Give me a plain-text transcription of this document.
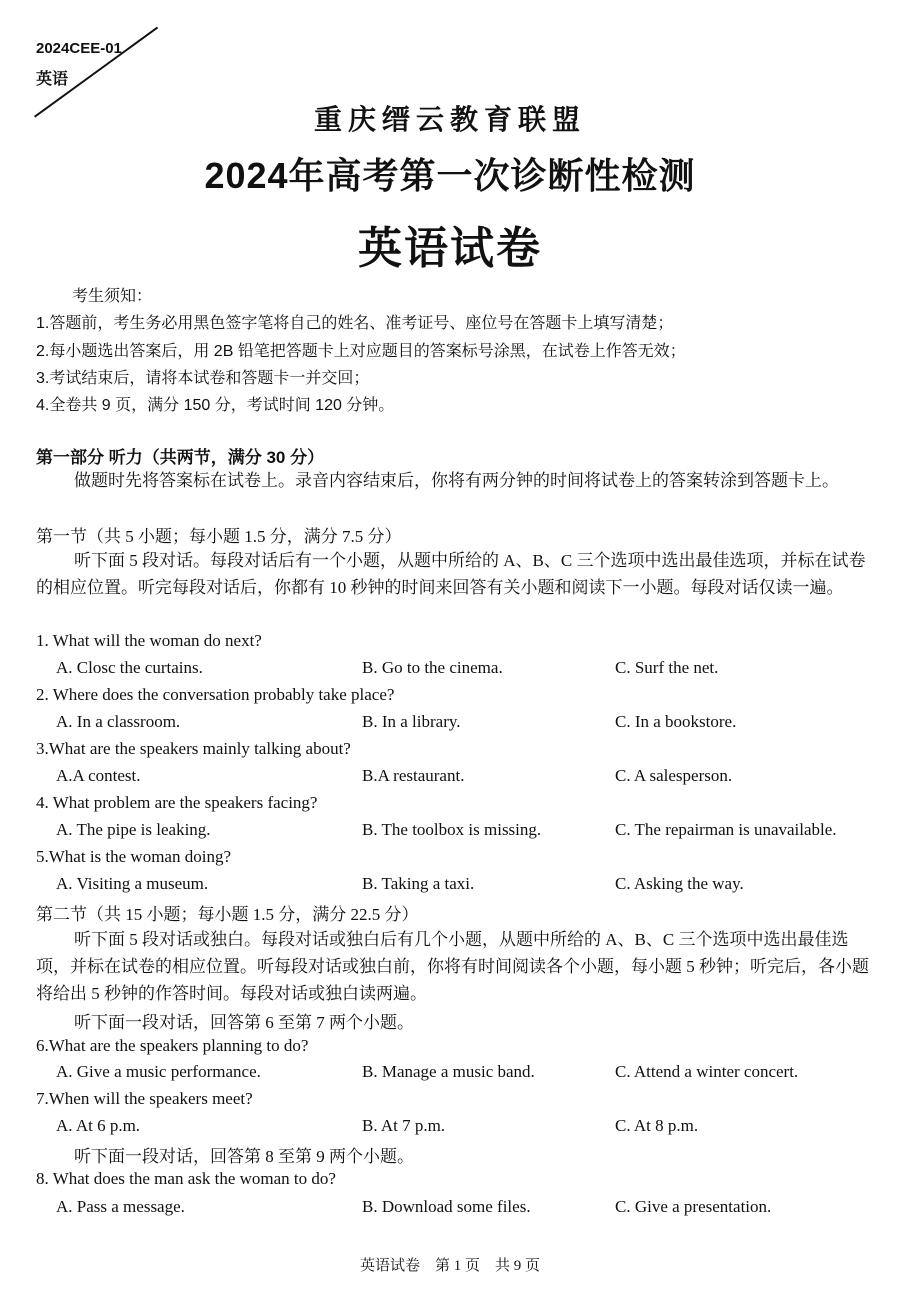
2024CEE-01
英语
重庆缙云教育联盟
2024年高考第一次诊断性检测
英语试卷
考生须知：
1.答题前，考生务必用黑色签字笔将自己的姓名、准考证号、座位号在答题卡上填写清楚；
2.每小题选出答案后，用 2B 铅笔把答题卡上对应题目的答案标号涂黑，在试卷上作答无效；
3.考试结束后，请将本试卷和答题卡一并交回；
4.全卷共 9 页，满分 150 分，考试时间 120 分钟。
第一部分 听力（共两节，满分 30 分）
做题时先将答案标在试卷上。录音内容结束后，你将有两分钟的时间将试卷上的答案转涂到答题卡上。
第一节（共 5 小题；每小题 1.5 分，满分 7.5 分）
听下面 5 段对话。每段对话后有一个小题，从题中所给的 A、B、C 三个选项中选出最佳选项，并标在试卷的相应位置。听完每段对话后，你都有 10 秒钟的时间来回答有关小题和阅读下一小题。每段对话仅读一遍。
1. What will the woman do next?
A. Closc the curtains.	B. Go to the cinema.	C. Surf the net.
2. Where does the conversation probably take place?
A. In a classroom.	B. In a library.	C. In a bookstore.
3.What are the speakers mainly talking about?
A.A contest.	B.A restaurant.	C. A salesperson.
4. What problem are the speakers facing?
A. The pipe is leaking.	B. The toolbox is missing.	C. The repairman is unavailable.
5.What is the woman doing?
A. Visiting a museum.	B. Taking a taxi.	C. Asking the way.
第二节（共 15 小题；每小题 1.5 分，满分 22.5 分）
听下面 5 段对话或独白。每段对话或独白后有几个小题，从题中所给的 A、B、C 三个选项中选出最佳选项，并标在试卷的相应位置。听每段对话或独白前，你将有时间阅读各个小题，每小题 5 秒钟；听完后，各小题将给出 5 秒钟的作答时间。每段对话或独白读两遍。
听下面一段对话，回答第 6 至第 7 两个小题。
6.What are the speakers planning to do?
A. Give a music performance.	B. Manage a music band.	C. Attend a winter concert.
7.When will the speakers meet?
A. At 6 p.m.	B. At 7 p.m.	C. At 8 p.m.
听下面一段对话，回答第 8 至第 9 两个小题。
8. What does the man ask the woman to do?
A. Pass a message.	B. Download some files.	C. Give a presentation.
英语试卷    第 1 页    共 9 页
